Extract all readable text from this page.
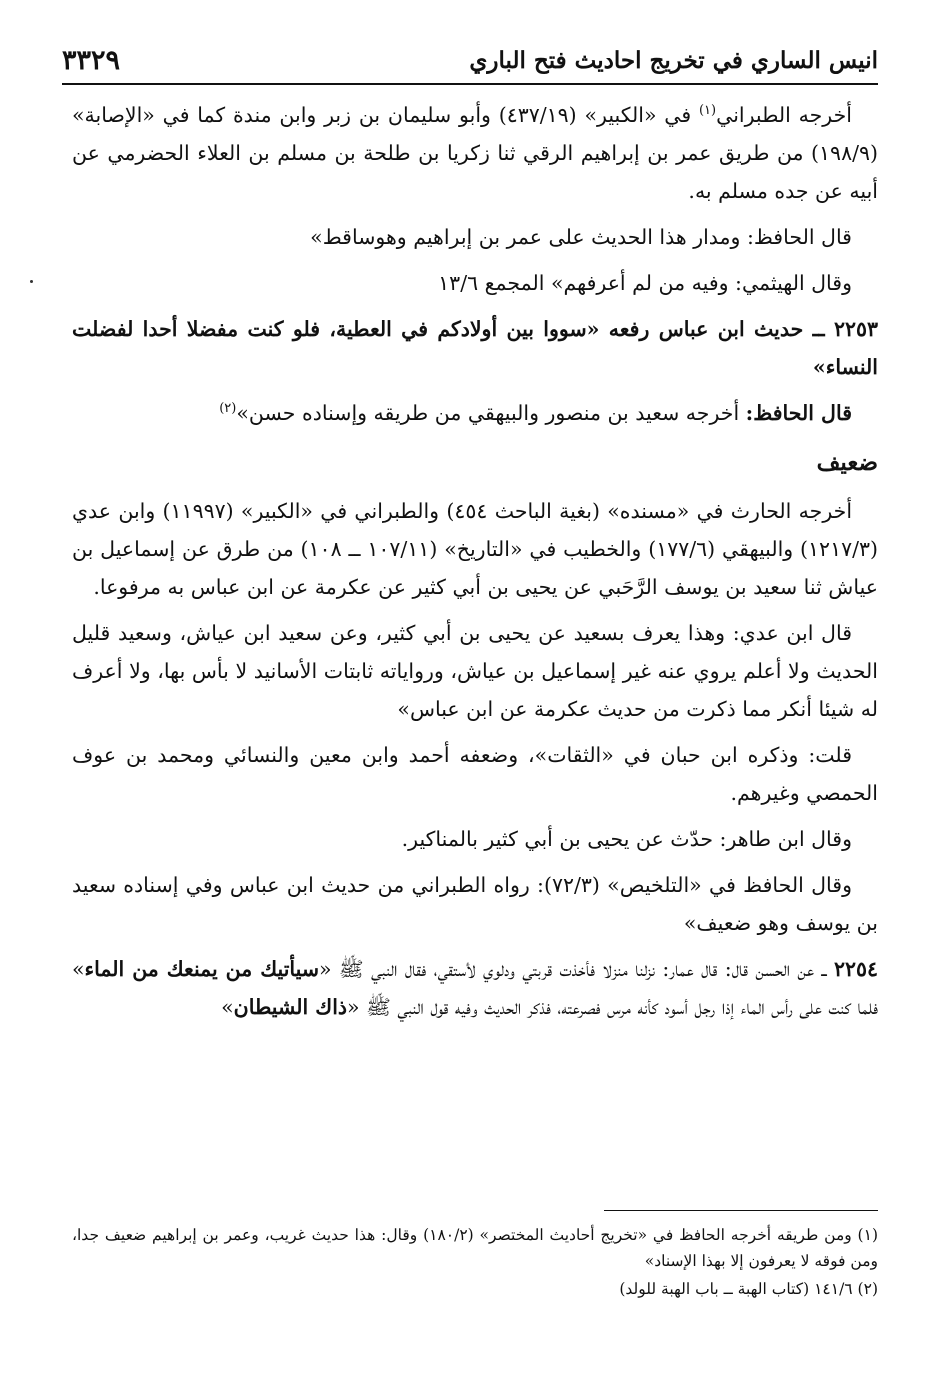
٣٣٢٩	انيس الساري في تخريج احاديث فتح الباري

أخرجه الطبراني$^{(١)}$ في «الكبير» (٤٣٧/١٩) وأبو سليمان بن زبر وابن مندة كما في «الإصابة» (١٩٨/٩) من طريق عمر بن إبراهيم الرقي ثنا زكريا بن طلحة بن مسلم بن العلاء الحضرمي عن أبيه عن جده مسلم به.

قال الحافظ: ومدار هذا الحديث على عمر بن إبراهيم وهوساقط»

وقال الهيثمي: وفيه من لم أعرفهم» المجمع ١٣/٦

٢٢٥٣ ــ حديث ابن عباس رفعه «سووا بين أولادكم في العطية، فلو كنت مفضلا أحدا لفضلت النساء»

قال الحافظ: أخرجه سعيد بن منصور والبيهقي من طريقه وإسناده حسن»$^{(٢)}$

ضعيف

أخرجه الحارث في «مسنده» (بغية الباحث ٤٥٤) والطبراني في «الكبير» (١١٩٩٧) وابن عدي (١٢١٧/٣) والبيهقي (١٧٧/٦) والخطيب في «التاريخ» (١٠٧/١١ ــ ١٠٨) من طرق عن إسماعيل بن عياش ثنا سعيد بن يوسف الرَّحَبي عن يحيى بن أبي كثير عن عكرمة عن ابن عباس به مرفوعا.

قال ابن عدي: وهذا يعرف بسعيد عن يحيى بن أبي كثير، وعن سعيد ابن عياش، وسعيد قليل الحديث ولا أعلم يروي عنه غير إسماعيل بن عياش، ورواياته ثابتات الأسانيد لا بأس بها، ولا أعرف له شيئا أنكر مما ذكرت من حديث عكرمة عن ابن عباس»

قلت: وذكره ابن حبان في «الثقات»، وضعفه أحمد وابن معين والنسائي ومحمد بن عوف الحمصي وغيرهم.

وقال ابن طاهر: حدّث عن يحيى بن أبي كثير بالمناكير.

وقال الحافظ في «التلخيص» (٧٢/٣): رواه الطبراني من حديث ابن عباس وفي إسناده سعيد بن يوسف وهو ضعيف»

٢٢٥٤ ــ عن الحسن قال: قال عمار: نزلنا منزلا فأخذت قربتي ودلوي لأستقي، فقال النبي ﷺ «سيأتيك من يمنعك من الماء» فلما كنت على رأس الماء إذا رجل أسود كأنه مرس فصرعته، فذكر الحديث وفيه قول النبي ﷺ «ذاك الشيطان»

(١) ومن طريقه أخرجه الحافظ في «تخريج أحاديث المختصر» (١٨٠/٢) وقال: هذا حديث غريب، وعمر بن إبراهيم ضعيف جدا، ومن فوقه لا يعرفون إلا بهذا الإسناد»

(٢) ١٤١/٦ (كتاب الهبة ــ باب الهبة للولد)
